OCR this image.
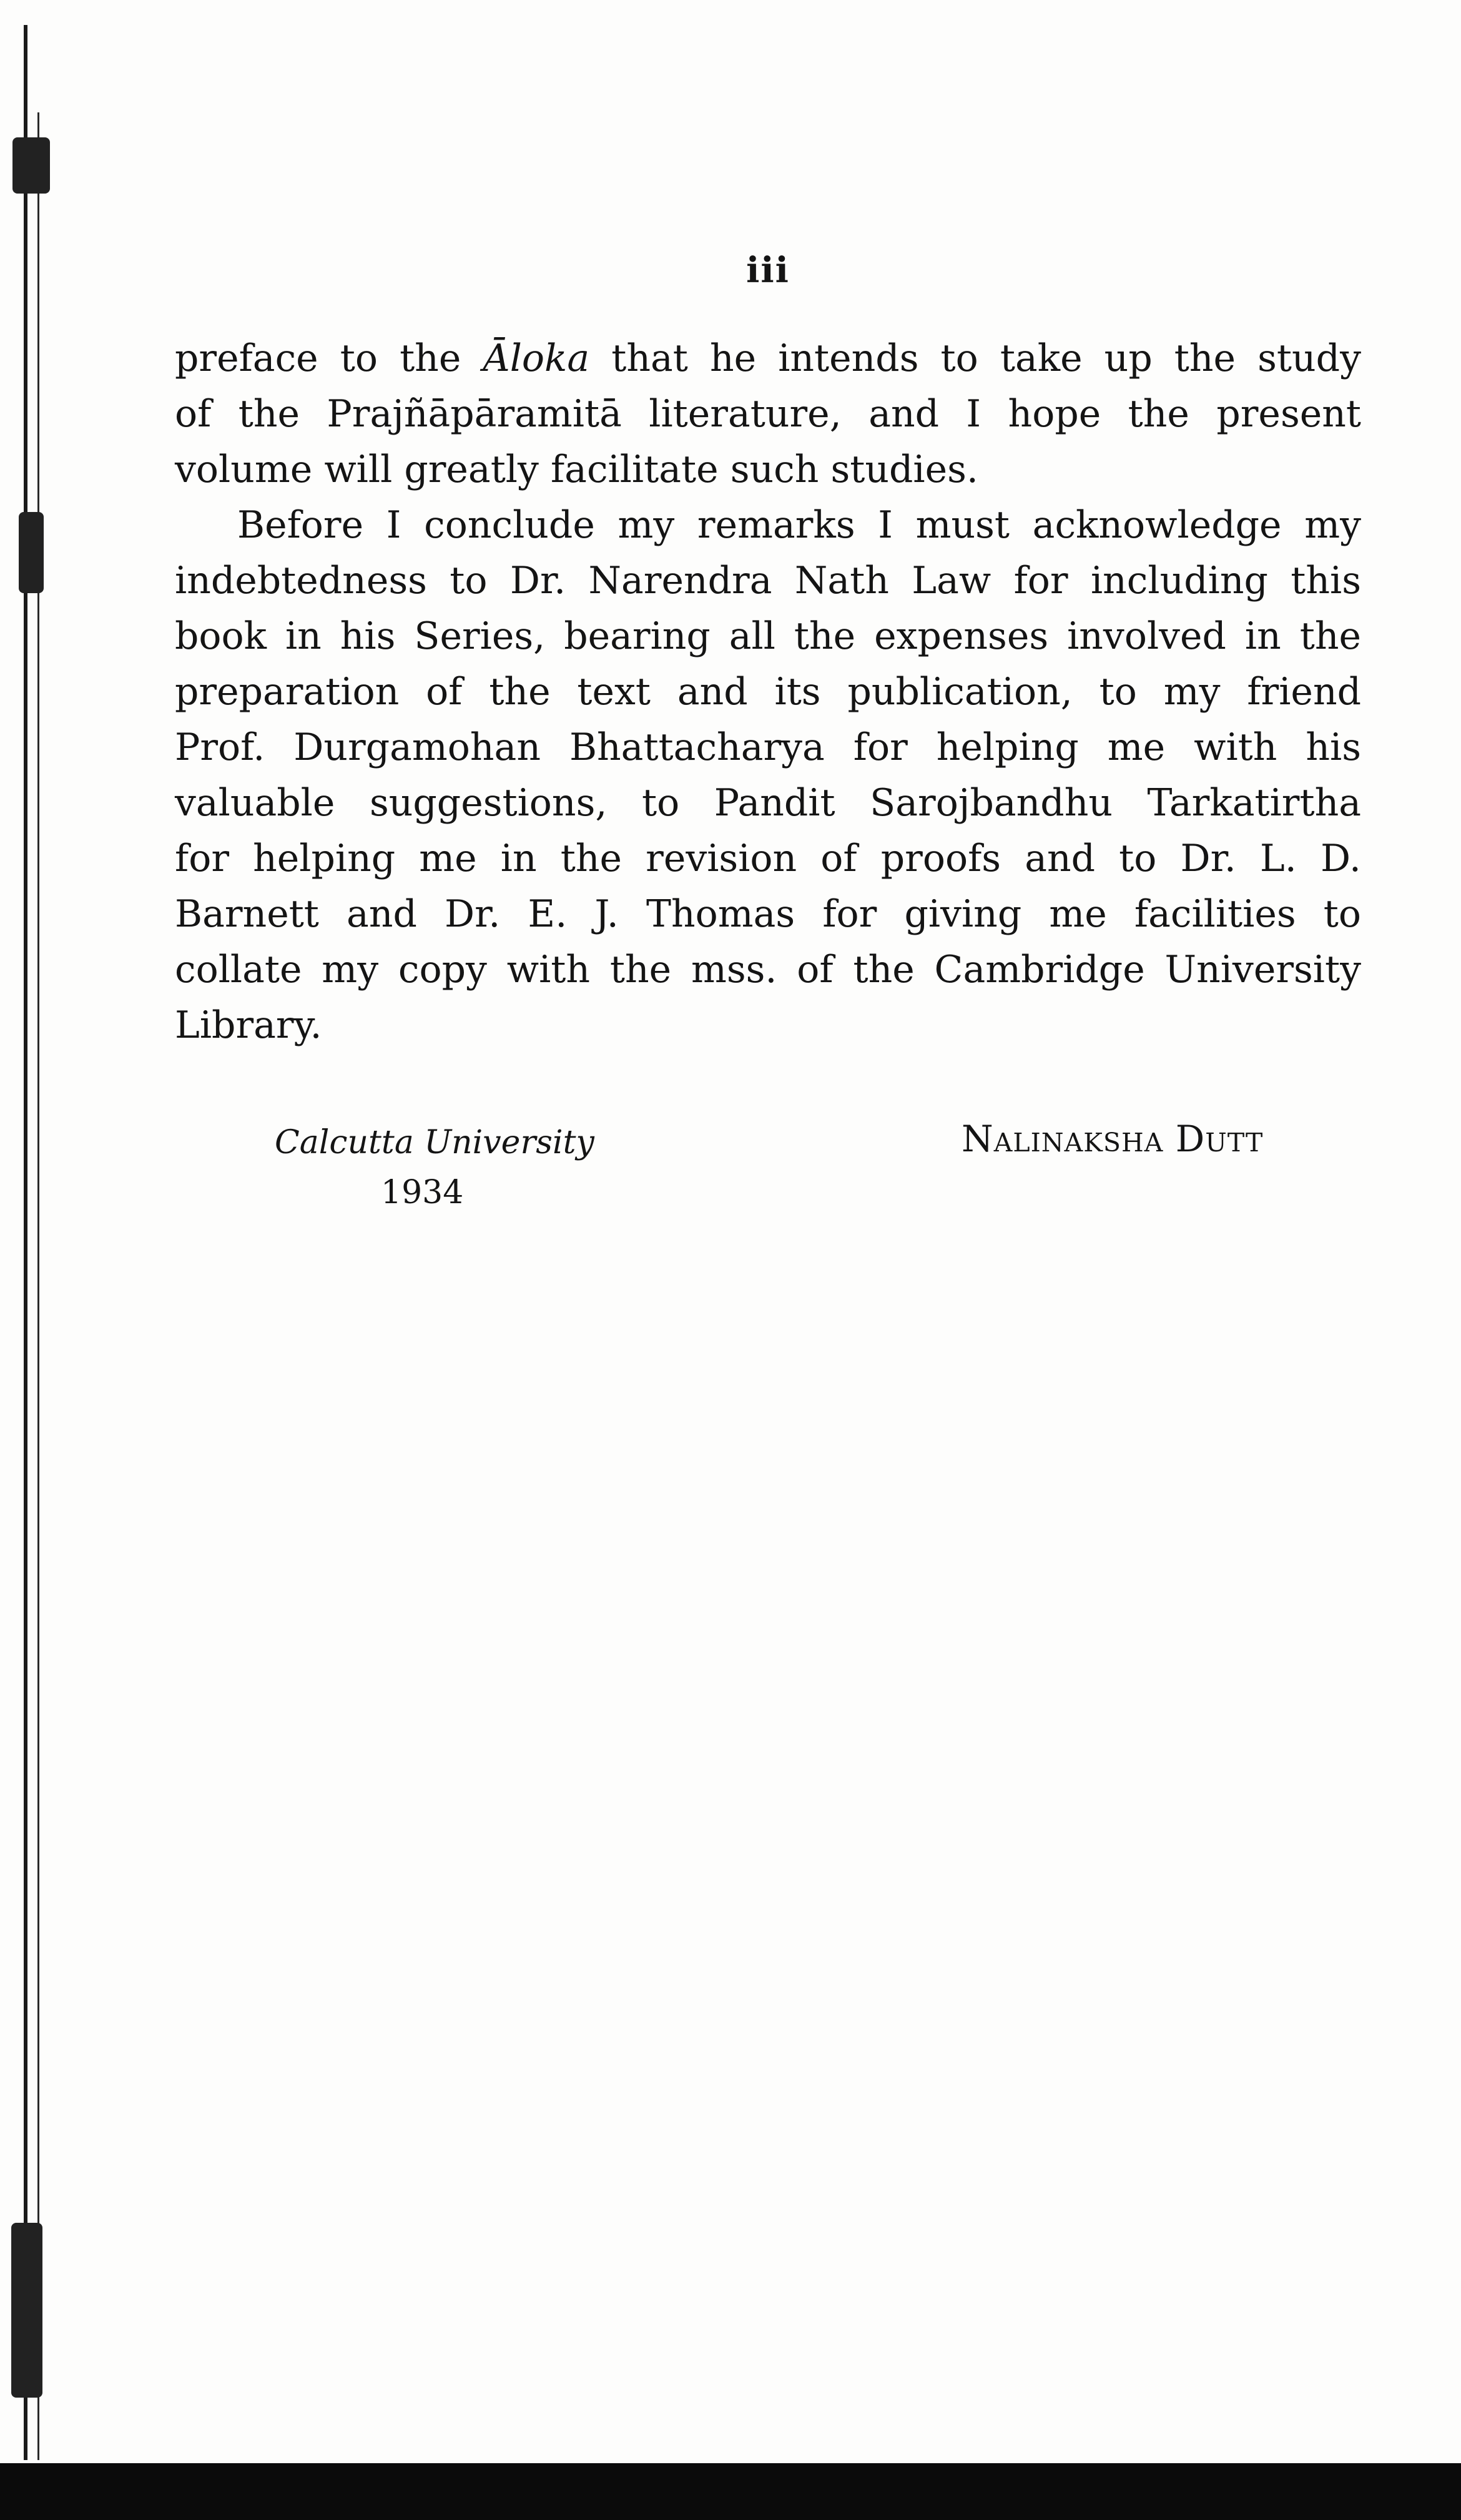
iii
preface to the Āloka that he intends to take up the study
of the Prajñāpāramitā literature, and I hope the present
volume will greatly facilitate such studies.
Before I conclude my remarks I must acknowledge my
indebtedness to Dr. Narendra Nath Law for including this
book in his Series, bearing all the expenses involved in the
preparation of the text and its publication, to my friend
Prof. Durgamohan Bhattacharya for helping me with his
valuable suggestions, to Pandit Sarojbandhu Tarkatirtha
for helping me in the revision of proofs and to Dr. L. D.
Barnett and Dr. E. J. Thomas for giving me facilities to
collate my copy with the mss. of the Cambridge University
Library.
Calcutta University
1934
Nalinaksha Dutt
